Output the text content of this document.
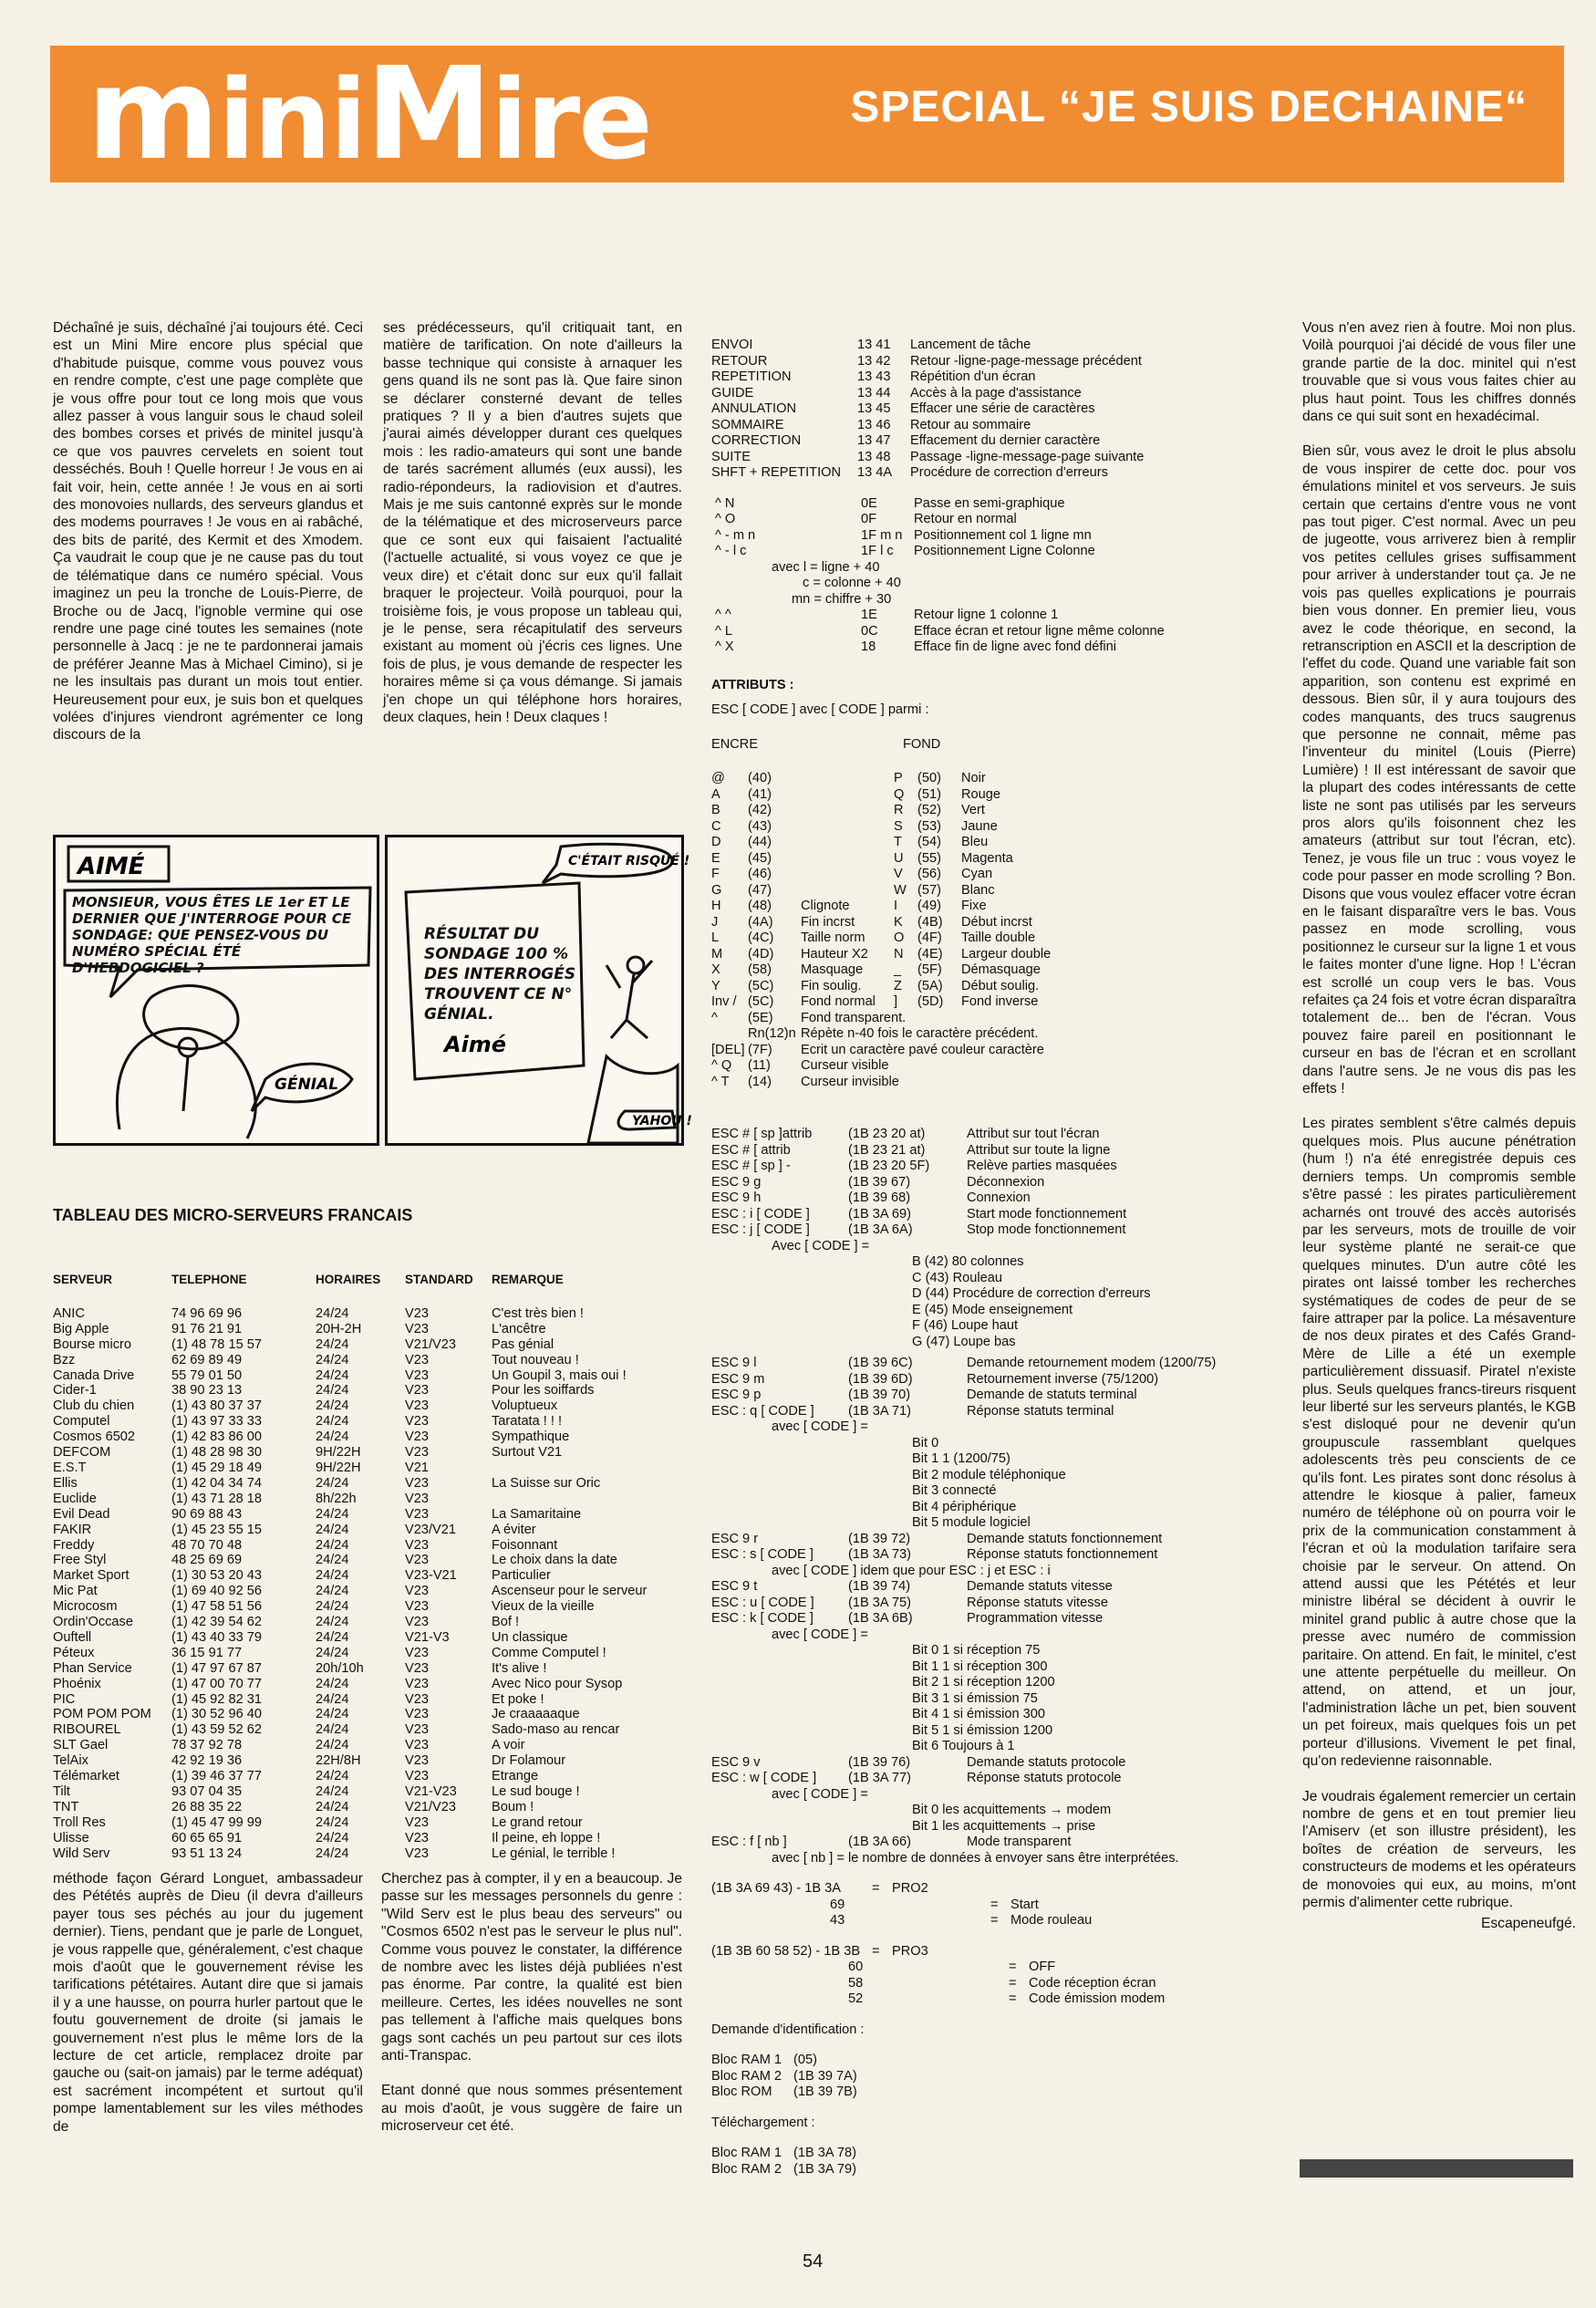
miniMire	SPECIAL “JE SUIS DECHAINE“

Déchaîné je suis, déchaîné j'ai toujours été. Ceci est un Mini Mire encore plus spécial que d'habitude puisque, comme vous pouvez vous en rendre compte, c'est une page complète que je vous offre pour tout ce long mois que vous allez passer à vous languir sous le chaud soleil des bombes corses et privés de minitel jusqu'à ce que vos pauvres cervelets en soient tout desséchés. Bouh ! Quelle horreur ! Je vous en ai fait voir, hein, cette année ! Je vous en ai sorti des monovoies nullards, des serveurs glandus et des modems pourraves ! Je vous en ai rabâché, des bits de parité, des Kermit et des Xmodem. Ça vaudrait le coup que je ne cause pas du tout de télématique dans ce numéro spécial. Vous imaginez un peu la tronche de Louis-Pierre, de Broche ou de Jacq, l'ignoble vermine qui ose rendre une page ciné toutes les semaines (note personnelle à Jacq : je ne te pardonnerai jamais de préférer Jeanne Mas à Michael Cimino), si je ne les insultais pas durant un mois tout entier. Heureusement pour eux, je suis bon et quelques volées d'injures viendront agrémenter ce long discours de la

ses prédécesseurs, qu'il critiquait tant, en matière de tarification. On note d'ailleurs la basse technique qui consiste à arnaquer les gens quand ils ne sont pas là. Que faire sinon se déclarer consterné devant de telles pratiques ? Il y a bien d'autres sujets que j'aurai aimés développer durant ces quelques mois : les radio-amateurs qui sont une bande de tarés sacrément allumés (eux aussi), les radio-répondeurs, la radiovision et d'autres. Mais je me suis cantonné exprès sur le monde de la télématique et des microserveurs parce que ce sont eux qui faisaient l'actualité (l'actuelle actualité, si vous voyez ce que je veux dire) et c'était donc sur eux qu'il fallait braquer le projecteur. Voilà pourquoi, pour la troisième fois, je vous propose un tableau qui, je le pense, sera récapitulatif des serveurs existant au moment où j'écris ces lignes. Une fois de plus, je vous demande de respecter les horaires même si ça vous démange. Si jamais j'en chope un qui téléphone hors horaires, deux claques, hein ! Deux claques !

AIMÉ
MONSIEUR, VOUS ÊTES LE 1er ET LE DERNIER QUE J'INTERROGE POUR CE SONDAGE: QUE PENSEZ-VOUS DU NUMÉRO SPÉCIAL ÉTÉ D'HEBDOGICIEL ?
GÉNIAL
C'ÉTAIT RISQUÉ !
RÉSULTAT DU SONDAGE 100 % DES INTERROGÉS TROUVENT CE N° GÉNIAL.
Aimé
YAHOU !
TABLEAU DES MICRO-SERVEURS FRANCAIS
SERVEUR	TELEPHONE	HORAIRES	STANDARD	REMARQUE
ANIC	74 96 69 96	24/24	V23	C'est très bien !
Big Apple	91 76 21 91	20H-2H	V23	L'ancêtre
Bourse micro	(1) 48 78 15 57	24/24	V21/V23	Pas génial
Bzz	62 69 89 49	24/24	V23	Tout nouveau !
Canada Drive	55 79 01 50	24/24	V23	Un Goupil 3, mais oui !
Cider-1	38 90 23 13	24/24	V23	Pour les soiffards
Club du chien	(1) 43 80 37 37	24/24	V23	Voluptueux
Computel	(1) 43 97 33 33	24/24	V23	Taratata ! ! !
Cosmos 6502	(1) 42 83 86 00	24/24	V23	Sympathique
DEFCOM	(1) 48 28 98 30	9H/22H	V23	Surtout V21
E.S.T	(1) 45 29 18 49	9H/22H	V21	
Ellis	(1) 42 04 34 74	24/24	V23	La Suisse sur Oric
Euclide	(1) 43 71 28 18	8h/22h	V23	
Evil Dead	90 69 88 43	24/24	V23	La Samaritaine
FAKIR	(1) 45 23 55 15	24/24	V23/V21	A éviter
Freddy	48 70 70 48	24/24	V23	Foisonnant
Free Styl	48 25 69 69	24/24	V23	Le choix dans la date
Market Sport	(1) 30 53 20 43	24/24	V23-V21	Particulier
Mic Pat	(1) 69 40 92 56	24/24	V23	Ascenseur pour le serveur
Microcosm	(1) 47 58 51 56	24/24	V23	Vieux de la vieille
Ordin'Occase	(1) 42 39 54 62	24/24	V23	Bof !
Ouftell	(1) 43 40 33 79	24/24	V21-V3	Un classique
Péteux	36 15 91 77	24/24	V23	Comme Computel !
Phan Service	(1) 47 97 67 87	20h/10h	V23	It's alive !
Phoénix	(1) 47 00 70 77	24/24	V23	Avec Nico pour Sysop
PIC	(1) 45 92 82 31	24/24	V23	Et poke !
POM POM POM	(1) 30 52 96 40	24/24	V23	Je craaaaaque
RIBOUREL	(1) 43 59 52 62	24/24	V23	Sado-maso au rencar
SLT Gael	78 37 92 78	24/24	V23	A voir
TelAix	42 92 19 36	22H/8H	V23	Dr Folamour
Télémarket	(1) 39 46 37 77	24/24	V23	Etrange
Tilt	93 07 04 35	24/24	V21-V23	Le sud bouge !
TNT	26 88 35 22	24/24	V21/V23	Boum !
Troll Res	(1) 45 47 99 99	24/24	V23	Le grand retour
Ulisse	60 65 65 91	24/24	V23	Il peine, eh loppe !
Wild Serv	93 51 13 24	24/24	V23	Le génial, le terrible !

méthode façon Gérard Longuet, ambassadeur des Pététés auprès de Dieu (il devra d'ailleurs payer tous ses péchés au jour du jugement dernier). Tiens, pendant que je parle de Longuet, je vous rappelle que, généralement, c'est chaque mois d'août que le gouvernement révise les tarifications pététaires. Autant dire que si jamais il y a une hausse, on pourra hurler partout que le foutu gouvernement de droite (si jamais le gouvernement n'est plus le même lors de la lecture de cet article, remplacez droite par gauche ou (sait-on jamais) par le terme adéquat) est sacrément incompétent et surtout qu'il pompe lamentablement sur les viles méthodes de

Cherchez pas à compter, il y en a beaucoup. Je passe sur les messages personnels du genre : "Wild Serv est le plus beau des serveurs" ou "Cosmos 6502 n'est pas le serveur le plus nul". Comme vous pouvez le constater, la différence de nombre avec les listes déjà publiées n'est pas énorme. Par contre, la qualité est bien meilleure. Certes, les idées nouvelles ne sont pas tellement à l'affiche mais quelques bons gags sont cachés un peu partout sur ces ilots anti-Transpac.

Etant donné que nous sommes présentement au mois d'août, je vous suggère de faire un microserveur cet été.

ENVOI	13 41	Lancement de tâche
RETOUR	13 42	Retour -ligne-page-message précédent
REPETITION	13 43	Répétition d'un écran
GUIDE	13 44	Accès à la page d'assistance
ANNULATION	13 45	Effacer une série de caractères
SOMMAIRE	13 46	Retour au sommaire
CORRECTION	13 47	Effacement du dernier caractère
SUITE	13 48	Passage -ligne-message-page suivante
SHFT + REPETITION	13 4A	Procédure de correction d'erreurs
^ N	0E	Passe en semi-graphique
^ O	0F	Retour en normal
^ - m n	1F m n Positionnement col 1 ligne mn
^ - l c	1F l c	Positionnement Ligne Colonne
avec l = ligne + 40
c = colonne + 40
mn = chiffre + 30
^ ^	1E	Retour ligne 1 colonne 1
^ L	0C	Efface écran et retour ligne même colonne
^ X	18	Efface fin de ligne avec fond défini
ATTRIBUTS :
ESC [ CODE ] avec [ CODE ] parmi :
ENCRE	FOND
@	(40)	P	(50)	Noir
A	(41)	Q	(51)	Rouge
B	(42)	R	(52)	Vert
C	(43)	S	(53)	Jaune
D	(44)	T	(54)	Bleu
E	(45)	U	(55)	Magenta
F	(46)	V	(56)	Cyan
G	(47)	W (57)	Blanc
H	(48)	Clignote	I	(49)	Fixe
J	(4A)	Fin incrst	K	(4B)	Début incrst
L	(4C)	Taille norm	O	(4F)	Taille double
M	(4D)	Hauteur X2	N	(4E)	Largeur double
X	(58)	Masquage	_	(5F)	Démasquage
Y	(5C)	Fin soulig.	Z	(5A)	Début soulig.
Inv / (5C)	Fond normal	]	(5D)	Fond inverse
^	(5E)	Fond transparent.
Rn(12)n Répète n-40 fois le caractère précédent.
[DEL] (7F)	Ecrit un caractère pavé couleur caractère
^ Q	(11)	Curseur visible
^ T	(14)	Curseur invisible
ESC # [ sp ]attrib	(1B 23 20 at)	Attribut sur tout l'écran
ESC # [ attrib	(1B 23 21 at)	Attribut sur toute la ligne
ESC # [ sp ] -	(1B 23 20 5F)	Relève parties masquées
ESC 9 g	(1B 39 67)	Déconnexion
ESC 9 h	(1B 39 68)	Connexion
ESC : i [ CODE ]	(1B 3A 69)	Start mode fonctionnement
ESC : j [ CODE ]	(1B 3A 6A)	Stop mode fonctionnement
Avec [ CODE ] =
B (42) 80 colonnes
C (43) Rouleau
D (44) Procédure de correction d'erreurs
E (45) Mode enseignement
F (46) Loupe haut
G (47) Loupe bas
ESC 9 l	(1B 39 6C)	Demande retournement modem (1200/75)
ESC 9 m	(1B 39 6D)	Retournement inverse (75/1200)
ESC 9 p	(1B 39 70)	Demande de statuts terminal
ESC : q [ CODE ]	(1B 3A 71)	Réponse statuts terminal
avec [ CODE ] =
Bit 0
Bit 1 1 (1200/75)
Bit 2 module téléphonique
Bit 3 connecté
Bit 4 périphérique
Bit 5 module logiciel
ESC 9 r	(1B 39 72)	Demande statuts fonctionnement
ESC : s [ CODE ]	(1B 3A 73)	Réponse statuts fonctionnement
avec [ CODE ] idem que pour ESC : j et ESC : i
ESC 9 t	(1B 39 74)	Demande statuts vitesse
ESC : u [ CODE ]	(1B 3A 75)	Réponse statuts vitesse
ESC : k [ CODE ]	(1B 3A 6B)	Programmation vitesse
avec [ CODE ] =
Bit 0 1 si réception 75
Bit 1 1 si réception 300
Bit 2 1 si réception 1200
Bit 3 1 si émission 75
Bit 4 1 si émission 300
Bit 5 1 si émission 1200
Bit 6 Toujours à 1
ESC 9 v	(1B 39 76)	Demande statuts protocole
ESC : w [ CODE ]	(1B 3A 77)	Réponse statuts protocole
avec [ CODE ] =
Bit 0 les acquittements → modem
Bit 1 les acquittements → prise
ESC : f [ nb ]	(1B 3A 66)	Mode transparent
avec [ nb ] = le nombre de données à envoyer sans être interprétées.
(1B 3A 69 43) - 1B 3A	= PRO2
69	= Start
43	= Mode rouleau
(1B 3B 60 58 52) - 1B 3B = PRO3
60	= OFF
58	= Code réception écran
52	= Code émission modem
Demande d'identification :
Bloc RAM 1 (05)
Bloc RAM 2 (1B 39 7A)
Bloc ROM	(1B 39 7B)
Téléchargement :
Bloc RAM 1 (1B 3A 78)
Bloc RAM 2 (1B 3A 79)

Vous n'en avez rien à foutre. Moi non plus. Voilà pourquoi j'ai décidé de vous filer une grande partie de la doc. minitel qui n'est trouvable que si vous vous faites chier au plus haut point. Tous les chiffres donnés dans ce qui suit sont en hexadécimal.

Bien sûr, vous avez le droit le plus absolu de vous inspirer de cette doc. pour vos émulations minitel et vos serveurs. Je suis certain que certains d'entre vous ne vont pas tout piger. C'est normal. Avec un peu de jugeotte, vous arriverez bien à remplir vos petites cellules grises suffisamment pour arriver à understander tout ça. Je ne vois pas quelles explications je pourrais bien vous donner. En premier lieu, vous avez le code théorique, en second, la retranscription en ASCII et la description de l'effet du code. Quand une variable fait son apparition, son contenu est exprimé en dessous. Bien sûr, il y aura toujours des codes manquants, des trucs saugrenus que personne ne connait, même pas l'inventeur du minitel (Louis (Pierre) Lumière) ! Il est intéressant de savoir que la plupart des codes intéressants de cette liste ne sont pas utilisés par les serveurs pros alors qu'ils foisonnent chez les amateurs (attribut sur tout l'écran, etc). Tenez, je vous file un truc : vous voyez le code pour passer en mode scrolling ? Bon. Disons que vous voulez effacer votre écran en le faisant disparaître vers le bas. Vous passez en mode scrolling, vous positionnez le curseur sur la ligne 1 et vous le faites monter d'une ligne. Hop ! L'écran est scrollé un coup vers le bas. Vous refaites ça 24 fois et votre écran disparaîtra totalement de... ben de l'écran. Vous pouvez faire pareil en positionnant le curseur en bas de l'écran et en scrollant dans l'autre sens. Je ne vous dis pas les effets !

Les pirates semblent s'être calmés depuis quelques mois. Plus aucune pénétration (hum !) n'a été enregistrée depuis ces derniers temps. Un compromis semble s'être passé : les pirates particulièrement acharnés ont trouvé des accès autorisés par les serveurs, mots de trouille de voir leur système planté ne serait-ce que quelques minutes. D'un autre côté les pirates ont laissé tomber les recherches systématiques de codes de peur de se faire attraper par la police. La mésaventure de nos deux pirates et des Cafés Grand-Mère de Lille a été un exemple particulièrement dissuasif. Piratel n'existe plus. Seuls quelques francs-tireurs risquent leur liberté sur les serveurs plantés, le KGB s'est disloqué pour ne devenir qu'un groupuscule rassemblant quelques adolescents très peu conscients de ce qu'ils font. Les pirates sont donc résolus à attendre le kiosque à palier, fameux numéro de téléphone où on pourra voir le prix de la communication constamment à l'écran et où la modulation tarifaire sera choisie par le serveur. On attend. On attend aussi que les Pététés et leur ministre libéral se décident à ouvrir le minitel grand public à autre chose que la presse avec numéro de commission paritaire. On attend. En fait, le minitel, c'est une attente perpétuelle du meilleur. On attend, on attend, et un jour, l'administration lâche un pet, bien souvent un pet foireux, mais quelques fois un pet porteur d'illusions. Vivement le pet final, qu'on redevienne raisonnable.

Je voudrais également remercier un certain nombre de gens et en tout premier lieu l'Amiserv (et son illustre président), les boîtes de création de serveurs, les constructeurs de modems et les opérateurs de monovoies qui eux, au moins, m'ont permis d'alimenter cette rubrique.

Escapeneufgé.

54
